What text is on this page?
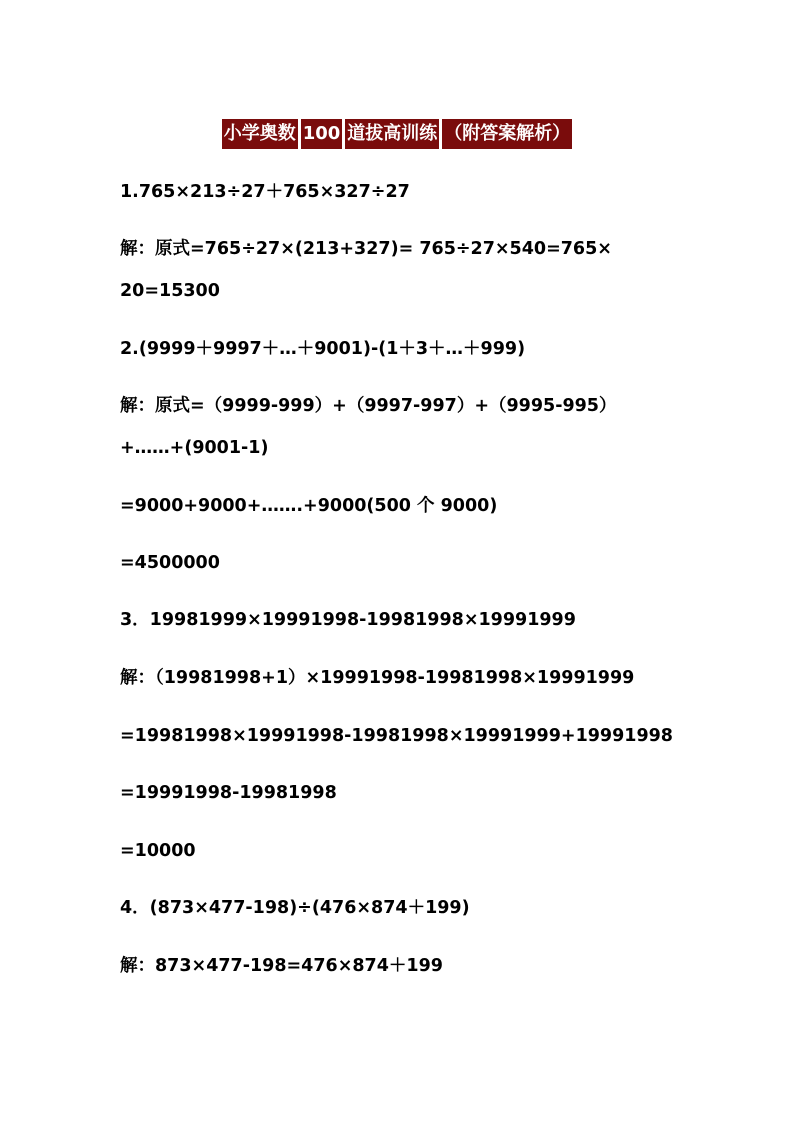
小学奥数 100 道拔高训练 （附答案解析）
1.765×213÷27＋765×327÷27
解：原式=765÷27×(213+327)= 765÷27×540=765×
20=15300
2.(9999＋9997＋…＋9001)-(1＋3＋…＋999)
解：原式=（9999-999）+（9997-997）+（9995-995）
+……+(9001-1)
=9000+9000+…….+9000(500 个 9000)
=4500000
3．19981999×19991998-19981998×19991999
解：（19981998+1）×19991998-19981998×19991999
=19981998×19991998-19981998×19991999+19991998
=19991998-19981998
=10000
4．(873×477-198)÷(476×874＋199)
解：873×477-198=476×874＋199
